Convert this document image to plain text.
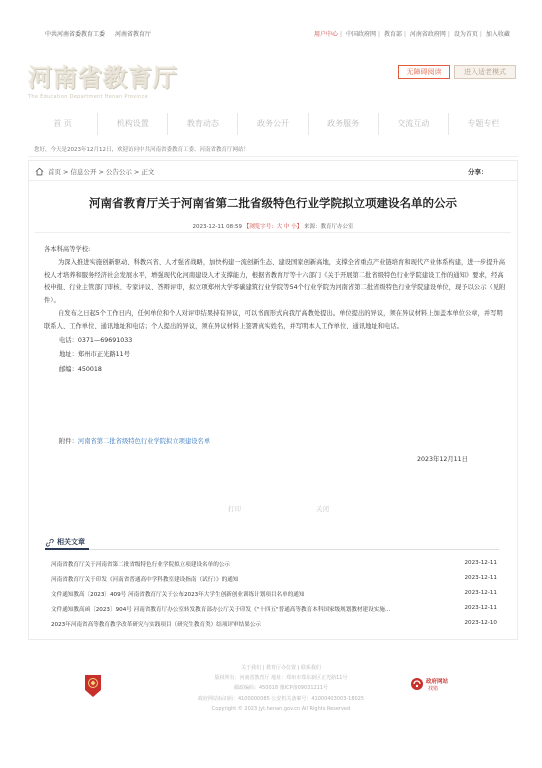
中共河南省委教育工委 河南省教育厅	用户中心 | 中国政府网 | 教育部 | 河南省政府网 | 设为首页 | 加入收藏
河南省教育厅
The Education Department Henan Province
无障碍阅读	进入适老模式
首 页	机构设置	教育动态	政务公开	政务服务	交流互动	专题专栏
您好，今天是2023年12月12日，欢迎访问中共河南省委教育工委、河南省教育厅网站！
首页 > 信息公开 > 公告公示 > 正文	分享：
河南省教育厅关于河南省第二批省级特色行业学院拟立项建设名单的公示
2023-12-11 08:59 【浏览字号：大 中 小】 来源：教育厅办公室

各本科高等学校:

为深入推进实施创新驱动、科教兴省、人才强省战略，加快构建一流创新生态、建设国家创新高地，支撑全省重点产业链培育和现代产业体系构建，进一步提升高校人才培养和服务经济社会发展水平，增强现代化河南建设人才支撑能力，根据省教育厅等十六部门《关于开展第二批省级特色行业学院建设工作的通知》要求，经高校申报、行业主管部门审核、专家评议、答辩评审，拟立项郑州大学零碳建筑行业学院等54个行业学院为河南省第二批省级特色行业学院建设单位，现予以公示（见附件）。

自发布之日起5个工作日内，任何单位和个人对评审结果持有异议，可以书面形式向我厅高教处提出。单位提出的异议，须在异议材料上加盖本单位公章，并写明联系人、工作单位、通讯地址和电话；个人提出的异议，须在异议材料上签署真实姓名，并写明本人工作单位、通讯地址和电话。

电话：0371—69691033

地址：郑州市正光路11号

邮编：450018

附件：河南省第二批省级特色行业学院拟立项建设名单
2023年12月11日
打印	关闭
相关文章
河南省教育厅关于河南省第二批省级特色行业学院拟立项建设名单的公示	2023-12-11
河南省教育厅关于印发《河南省普通高中学科教室建设指南（试行）》的通知	2023-12-11
文件通知教高〔2023〕409号 河南省教育厅关于公布2023年大学生创新创业训练计划项目名单的通知	2023-12-11
文件通知教高函〔2023〕904号 河南省教育厅办公室转发教育部办公厅关于印发《"十四五"普通高等教育本科国家级规划教材建设实施...	2023-12-11
2023年河南省高等教育教学改革研究与实践项目（研究生教育类）结项评审结果公示	2023-12-10
关于我们 | 教育厅办位置 | 联系我们
版权所有：河南省教育厅 地址：郑州市郑东新区正光路11号
邮政编码：450018 豫ICP备09031211号
政府网站标识码：4100000085 公安机关备案号：41000403003-18025
Copyright © 2023 jyt.henan.gov.cn All Rights Reserved
政府网站
找错
